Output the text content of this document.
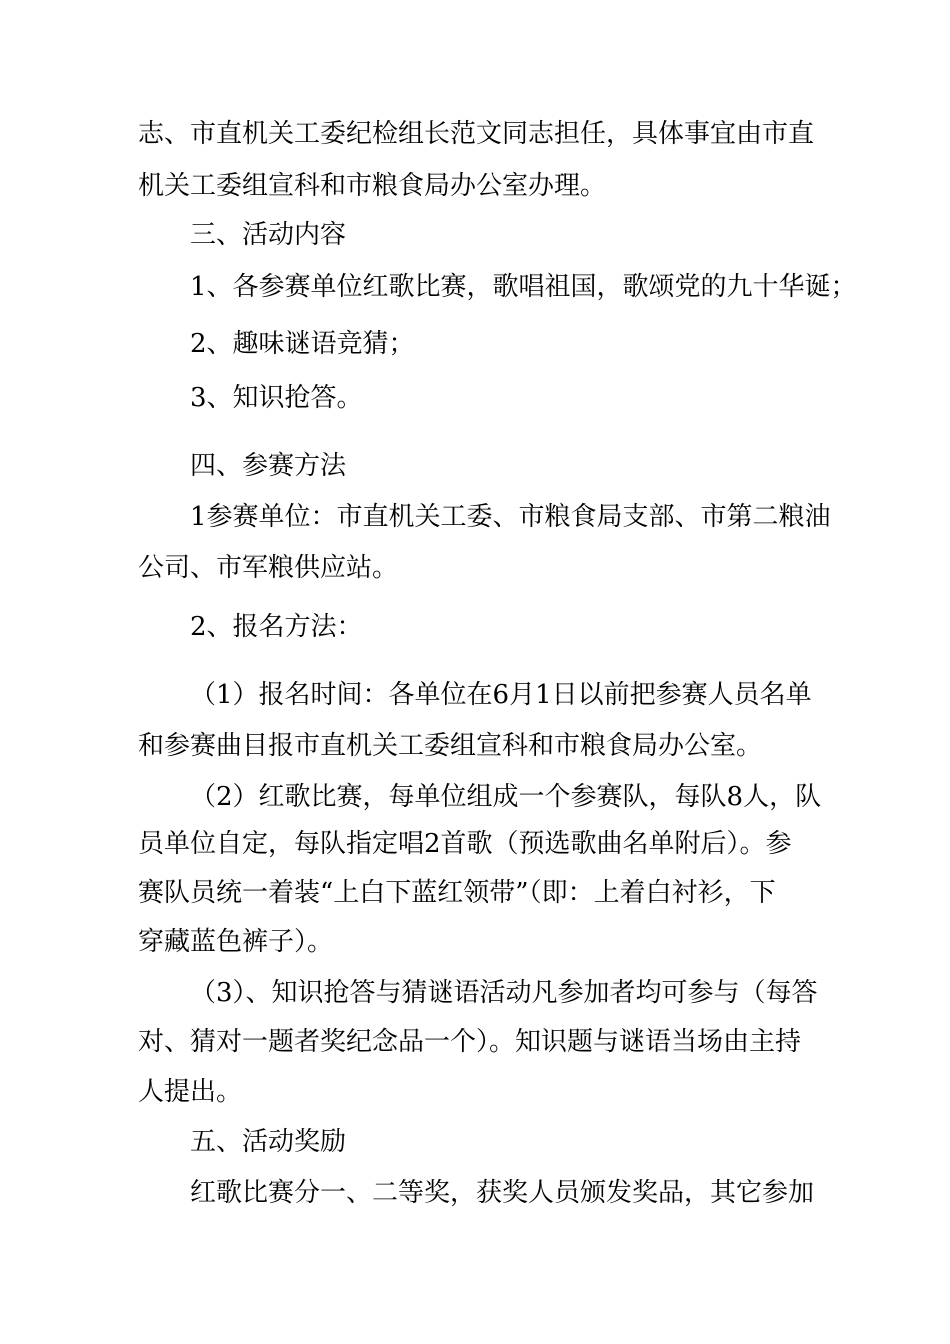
志、市直机关工委纪检组长范文同志担任，具体事宜由市直

机关工委组宣科和市粮食局办公室办理。

三、活动内容

1、各参赛单位红歌比赛，歌唱祖国，歌颂党的九十华诞；

2、趣味谜语竞猜；

3、知识抢答。

四、参赛方法

1参赛单位：市直机关工委、市粮食局支部、市第二粮油

公司、市军粮供应站。

2、报名方法：

（1）报名时间：各单位在6月1日以前把参赛人员名单

和参赛曲目报市直机关工委组宣科和市粮食局办公室。

（2）红歌比赛，每单位组成一个参赛队，每队8人，队

员单位自定，每队指定唱2首歌（预选歌曲名单附后）。参

赛队员统一着装“上白下蓝红领带”（即：上着白衬衫，下

穿藏蓝色裤子）。

（3）、知识抢答与猜谜语活动凡参加者均可参与（每答

对、猜对一题者奖纪念品一个）。知识题与谜语当场由主持

人提出。

五、活动奖励

红歌比赛分一、二等奖，获奖人员颁发奖品，其它参加
